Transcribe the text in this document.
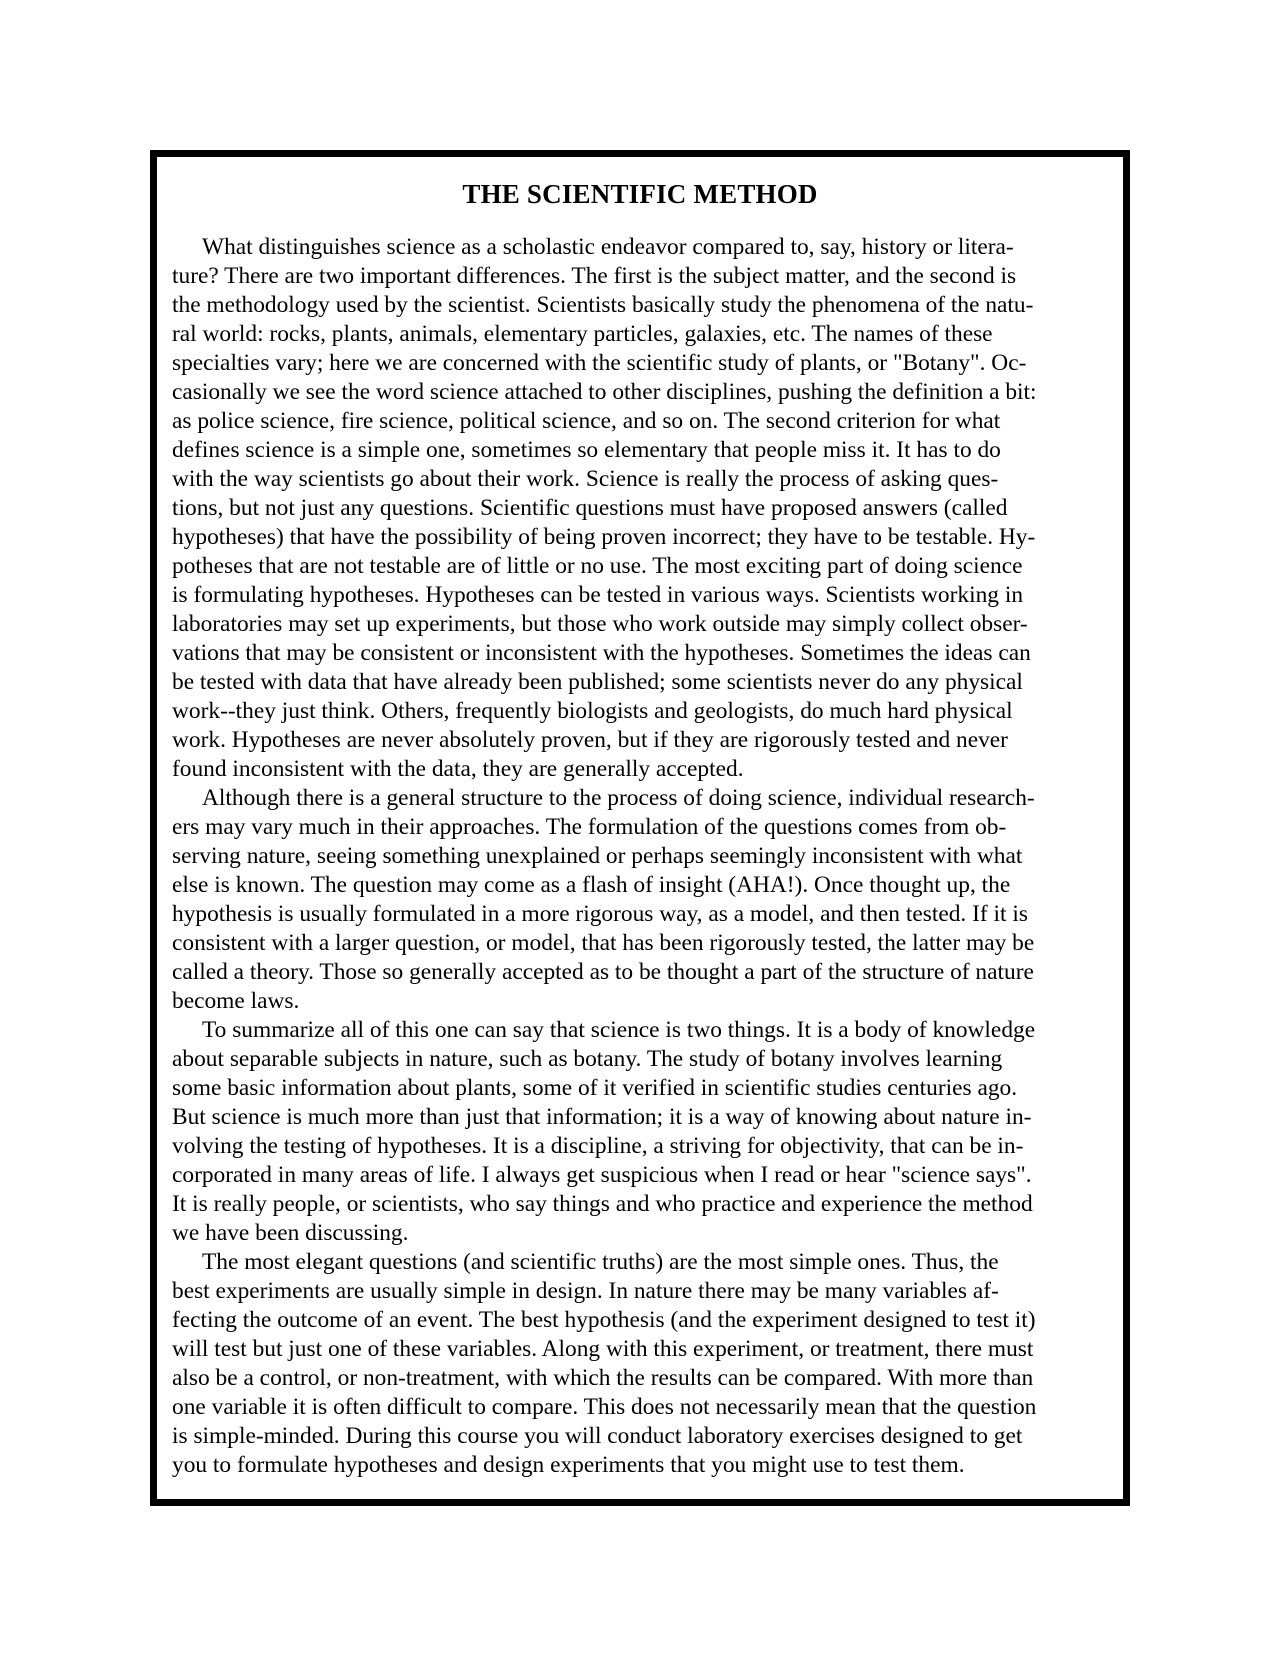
THE SCIENTIFIC METHOD

What distinguishes science as a scholastic endeavor compared to, say, history or litera-
ture? There are two important differences. The first is the subject matter, and the second is
the methodology used by the scientist. Scientists basically study the phenomena of the natu-
ral world: rocks, plants, animals, elementary particles, galaxies, etc. The names of these
specialties vary; here we are concerned with the scientific study of plants, or "Botany". Oc-
casionally we see the word science attached to other disciplines, pushing the definition a bit:
as police science, fire science, political science, and so on. The second criterion for what
defines science is a simple one, sometimes so elementary that people miss it. It has to do
with the way scientists go about their work. Science is really the process of asking ques-
tions, but not just any questions. Scientific questions must have proposed answers (called
hypotheses) that have the possibility of being proven incorrect; they have to be testable. Hy-
potheses that are not testable are of little or no use. The most exciting part of doing science
is formulating hypotheses. Hypotheses can be tested in various ways. Scientists working in
laboratories may set up experiments, but those who work outside may simply collect obser-
vations that may be consistent or inconsistent with the hypotheses. Sometimes the ideas can
be tested with data that have already been published; some scientists never do any physical
work--they just think. Others, frequently biologists and geologists, do much hard physical
work. Hypotheses are never absolutely proven, but if they are rigorously tested and never
found inconsistent with the data, they are generally accepted.

Although there is a general structure to the process of doing science, individual research-
ers may vary much in their approaches. The formulation of the questions comes from ob-
serving nature, seeing something unexplained or perhaps seemingly inconsistent with what
else is known. The question may come as a flash of insight (AHA!). Once thought up, the
hypothesis is usually formulated in a more rigorous way, as a model, and then tested. If it is
consistent with a larger question, or model, that has been rigorously tested, the latter may be
called a theory. Those so generally accepted as to be thought a part of the structure of nature
become laws.

To summarize all of this one can say that science is two things. It is a body of knowledge
about separable subjects in nature, such as botany. The study of botany involves learning
some basic information about plants, some of it verified in scientific studies centuries ago.
But science is much more than just that information; it is a way of knowing about nature in-
volving the testing of hypotheses. It is a discipline, a striving for objectivity, that can be in-
corporated in many areas of life. I always get suspicious when I read or hear "science says".
It is really people, or scientists, who say things and who practice and experience the method
we have been discussing.

The most elegant questions (and scientific truths) are the most simple ones. Thus, the
best experiments are usually simple in design. In nature there may be many variables af-
fecting the outcome of an event. The best hypothesis (and the experiment designed to test it)
will test but just one of these variables. Along with this experiment, or treatment, there must
also be a control, or non-treatment, with which the results can be compared. With more than
one variable it is often difficult to compare. This does not necessarily mean that the question
is simple-minded. During this course you will conduct laboratory exercises designed to get
you to formulate hypotheses and design experiments that you might use to test them.
